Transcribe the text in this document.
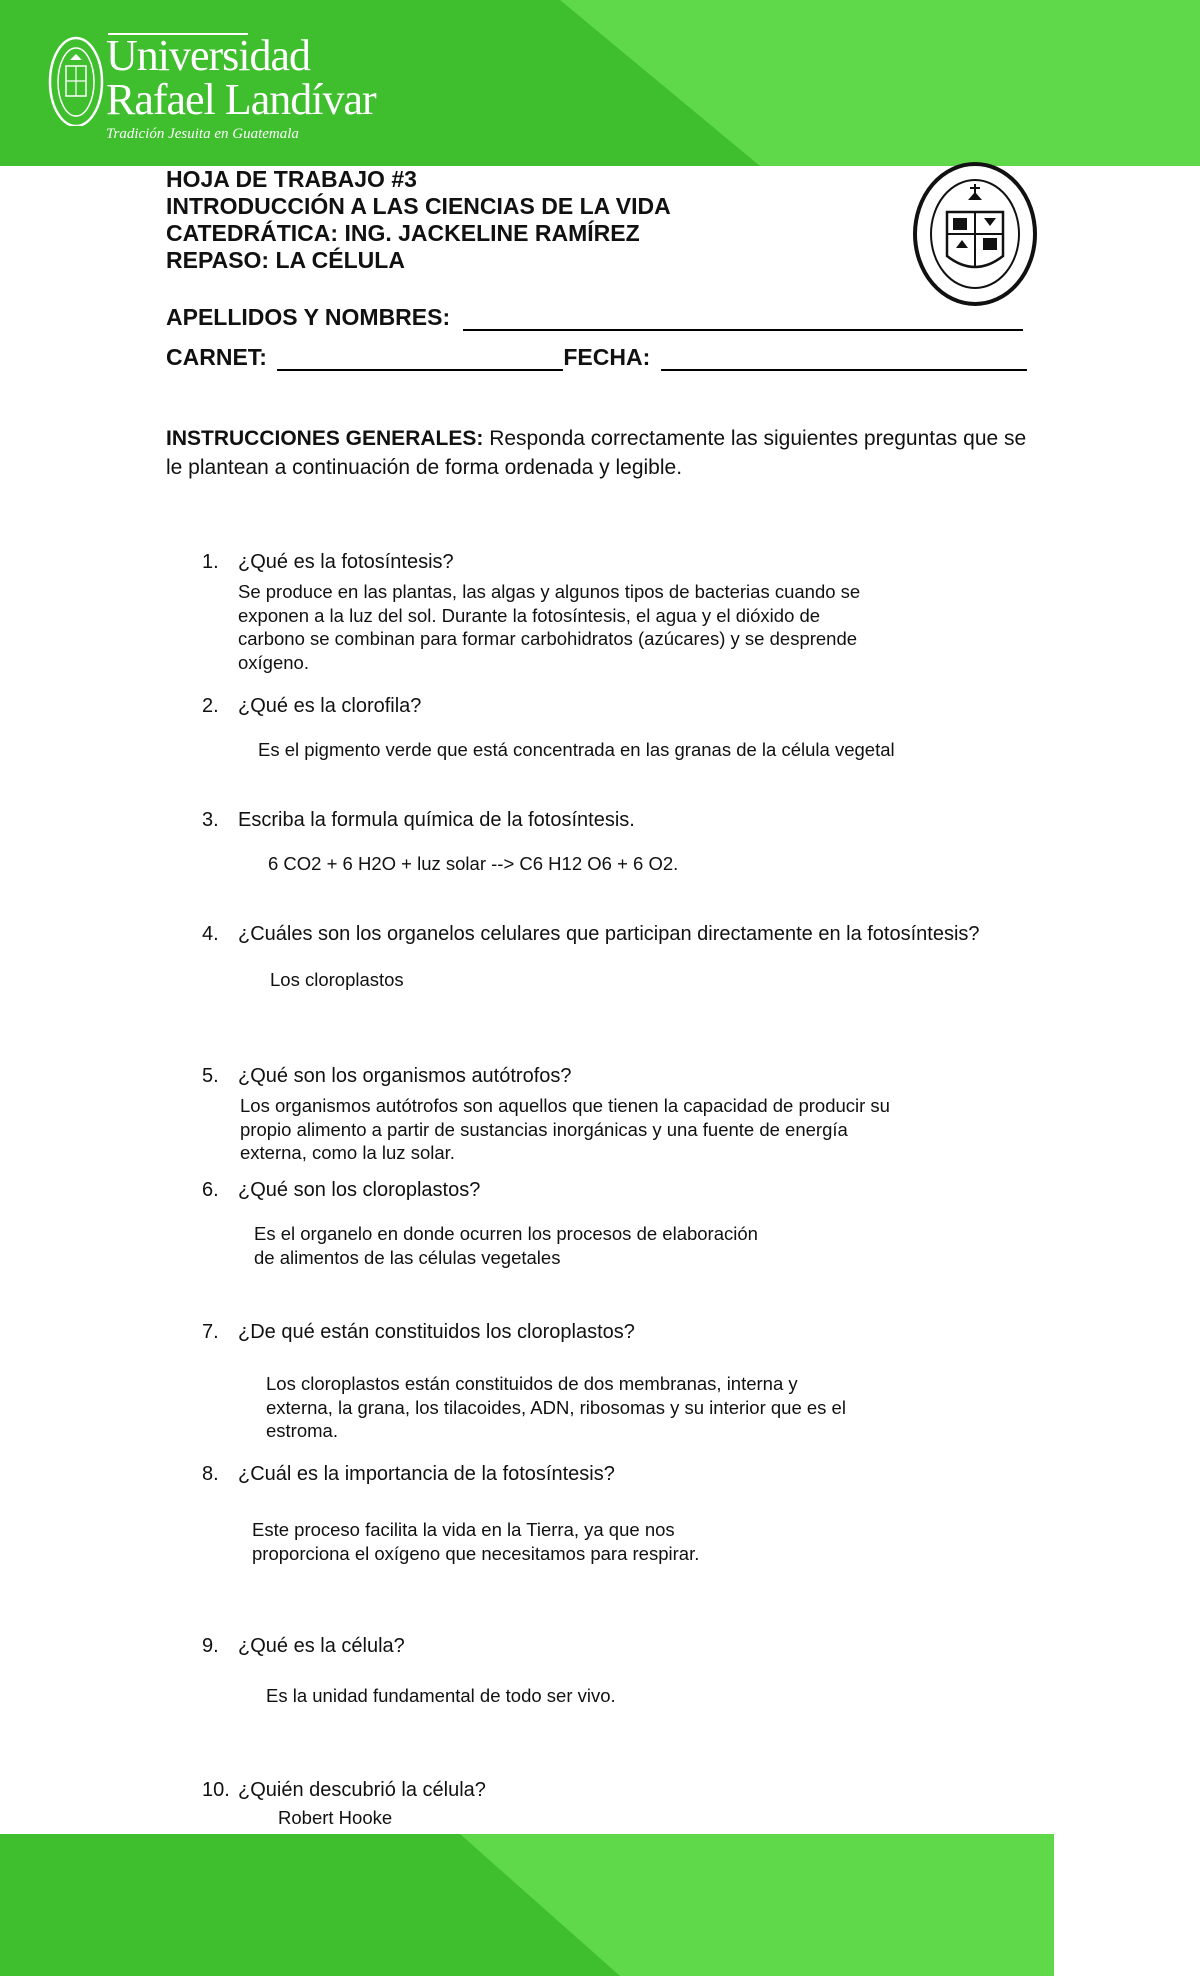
Universidad
Rafael Landívar
Tradición Jesuita en Guatemala
HOJA DE TRABAJO #3
INTRODUCCIÓN A LAS CIENCIAS DE LA VIDA
CATEDRÁTICA: ING. JACKELINE RAMÍREZ
REPASO: LA CÉLULA
APELLIDOS Y NOMBRES:
CARNET:	FECHA:
INSTRUCCIONES GENERALES: Responda correctamente las siguientes preguntas que se le plantean a continuación de forma ordenada y legible.
1. ¿Qué es la fotosíntesis?
Se produce en las plantas, las algas y algunos tipos de bacterias cuando se
exponen a la luz del sol. Durante la fotosíntesis, el agua y el dióxido de
carbono se combinan para formar carbohidratos (azúcares) y se desprende
oxígeno.
2. ¿Qué es la clorofila?
Es el pigmento verde que está concentrada en las granas de la célula vegetal
3. Escriba la formula química de la fotosíntesis.
6 CO2 + 6 H2O + luz solar --> C6 H12 O6 + 6 O2.
4. ¿Cuáles son los organelos celulares que participan directamente en la fotosíntesis?
Los cloroplastos
5. ¿Qué son los organismos autótrofos?
Los organismos autótrofos son aquellos que tienen la capacidad de producir su
propio alimento a partir de sustancias inorgánicas y una fuente de energía
externa, como la luz solar.
6. ¿Qué son los cloroplastos?
Es el organelo en donde ocurren los procesos de elaboración
de alimentos de las células vegetales
7. ¿De qué están constituidos los cloroplastos?
Los cloroplastos están constituidos de dos membranas, interna y
externa, la grana, los tilacoides, ADN, ribosomas y su interior que es el
estroma.
8. ¿Cuál es la importancia de la fotosíntesis?
Este proceso facilita la vida en la Tierra, ya que nos
proporciona el oxígeno que necesitamos para respirar.
9. ¿Qué es la célula?
Es la unidad fundamental de todo ser vivo.
10. ¿Quién descubrió la célula?
Robert Hooke
